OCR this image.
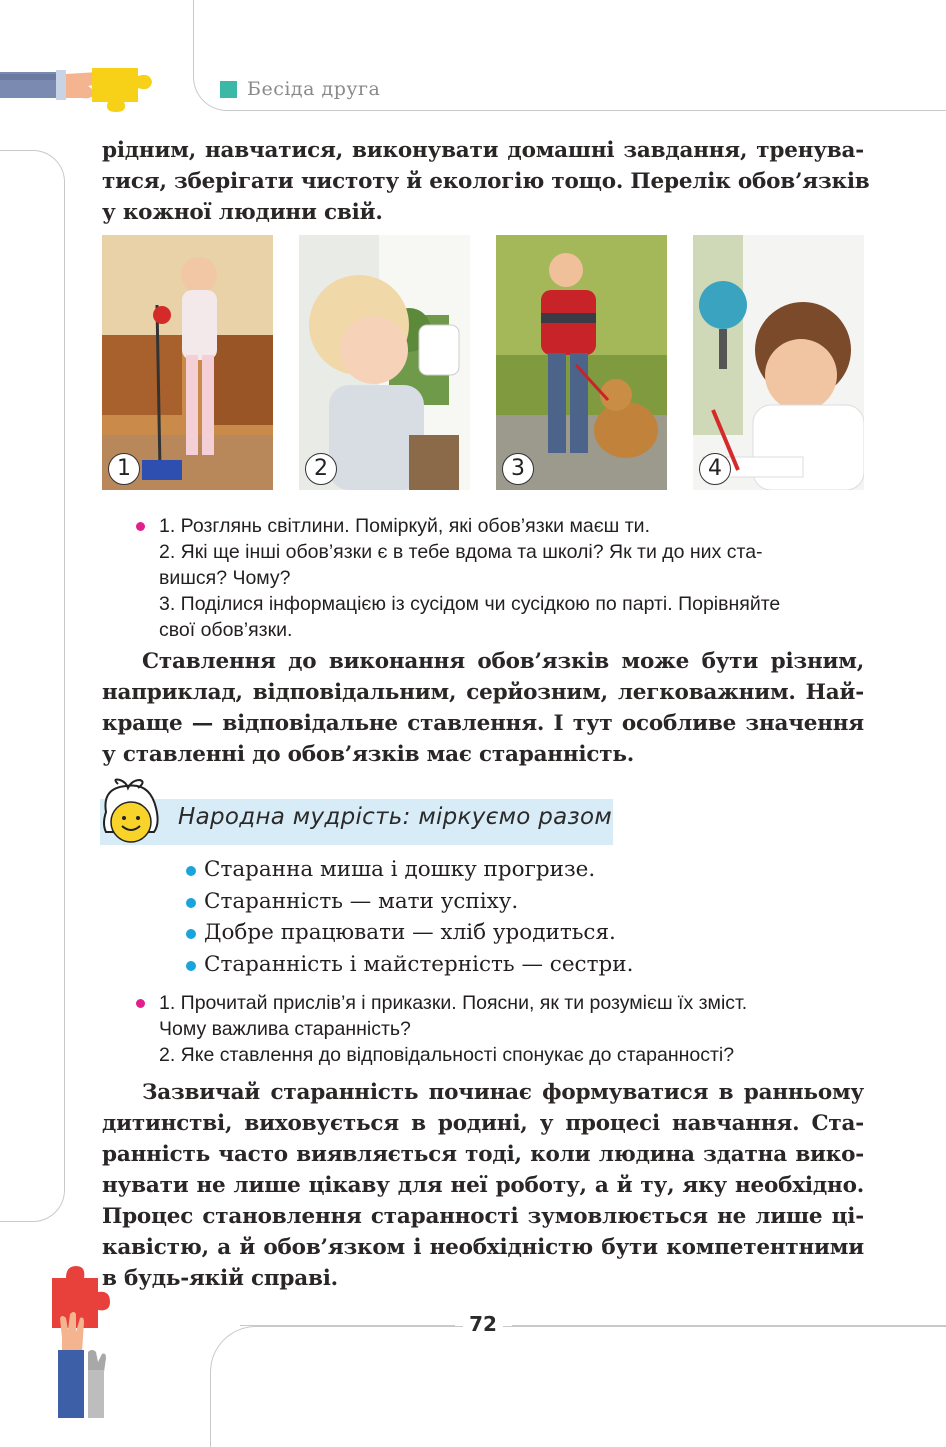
Бесіда друга
рідним, навчатися, виконувати домашні завдання, тренува-
тися, зберігати чистоту й екологію тощо. Перелік обов’язків
у кожної людини свій.
1	2	3	4
1. Розглянь світлини. Поміркуй, які обов’язки маєш ти.
2. Які ще інші обов’язки є в тебе вдома та школі? Як ти до них ста-
вишся? Чому?
3. Поділися інформацією із сусідом чи сусідкою по парті. Порівняйте
свої обов’язки.
Ставлення до виконання обов’язків може бути різним,
наприклад, відповідальним, серйозним, легковажним. Най-
краще — відповідальне ставлення. І тут особливе значення
у ставленні до обов’язків має старанність.
Народна мудрість: міркуємо разом
Старанна миша і дошку прогризе.
Старанність — мати успіху.
Добре працювати — хліб уродиться.
Старанність і майстерність — сестри.
1. Прочитай прислів’я і приказки. Поясни, як ти розумієш їх зміст.
Чому важлива старанність?
2. Яке ставлення до відповідальності спонукає до старанності?
Зазвичай старанність починає формуватися в ранньому
дитинстві, виховується в родині, у процесі навчання. Ста-
ранність часто виявляється тоді, коли людина здатна вико-
нувати не лише цікаву для неї роботу, а й ту, яку необхідно.
Процес становлення старанності зумовлюється не лише ці-
кавістю, а й обов’язком і необхідністю бути компетентними
в будь-якій справі.
72
